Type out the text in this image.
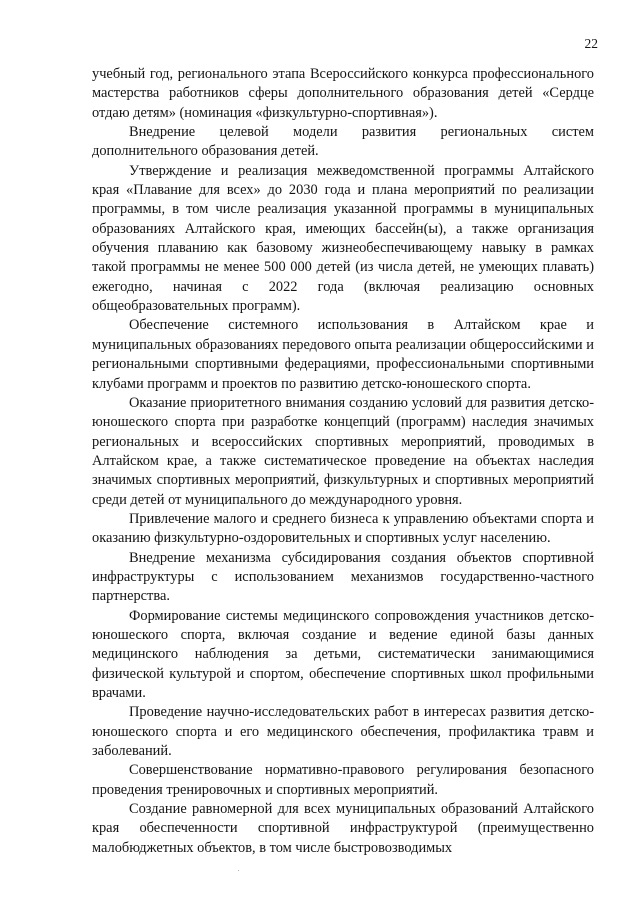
22

учебный год, регионального этапа Всероссийского конкурса профессионального мастерства работников сферы дополнительного образования детей «Сердце отдаю детям» (номинация «физкультурно-спортивная»).

Внедрение целевой модели развития региональных систем дополнительного образования детей.

Утверждение и реализация межведомственной программы Алтайского края «Плавание для всех» до 2030 года и плана мероприятий по реализации программы, в том числе реализация указанной программы в муниципальных образованиях Алтайского края, имеющих бассейн(ы), а также организация обучения плаванию как базовому жизнеобеспечивающему навыку в рамках такой программы не менее 500 000 детей (из числа детей, не умеющих плавать) ежегодно, начиная с 2022 года (включая реализацию основных общеобразовательных программ).

Обеспечение системного использования в Алтайском крае и муниципальных образованиях передового опыта реализации общероссийскими и региональными спортивными федерациями, профессиональными спортивными клубами программ и проектов по развитию детско-юношеского спорта.

Оказание приоритетного внимания созданию условий для развития детско-юношеского спорта при разработке концепций (программ) наследия значимых региональных и всероссийских спортивных мероприятий, проводимых в Алтайском крае, а также систематическое проведение на объектах наследия значимых спортивных мероприятий, физкультурных и спортивных мероприятий среди детей от муниципального до международного уровня.

Привлечение малого и среднего бизнеса к управлению объектами спорта и оказанию физкультурно-оздоровительных и спортивных услуг населению.

Внедрение механизма субсидирования создания объектов спортивной инфраструктуры с использованием механизмов государственно-частного партнерства.

Формирование системы медицинского сопровождения участников детско-юношеского спорта, включая создание и ведение единой базы данных медицинского наблюдения за детьми, систематически занимающимися физической культурой и спортом, обеспечение спортивных школ профильными врачами.

Проведение научно-исследовательских работ в интересах развития детско-юношеского спорта и его медицинского обеспечения, профилактика травм и заболеваний.

Совершенствование нормативно-правового регулирования безопасного проведения тренировочных и спортивных мероприятий.

Создание равномерной для всех муниципальных образований Алтайского края обеспеченности спортивной инфраструктурой (преимущественно малобюджетных объектов, в том числе быстровозводимых
